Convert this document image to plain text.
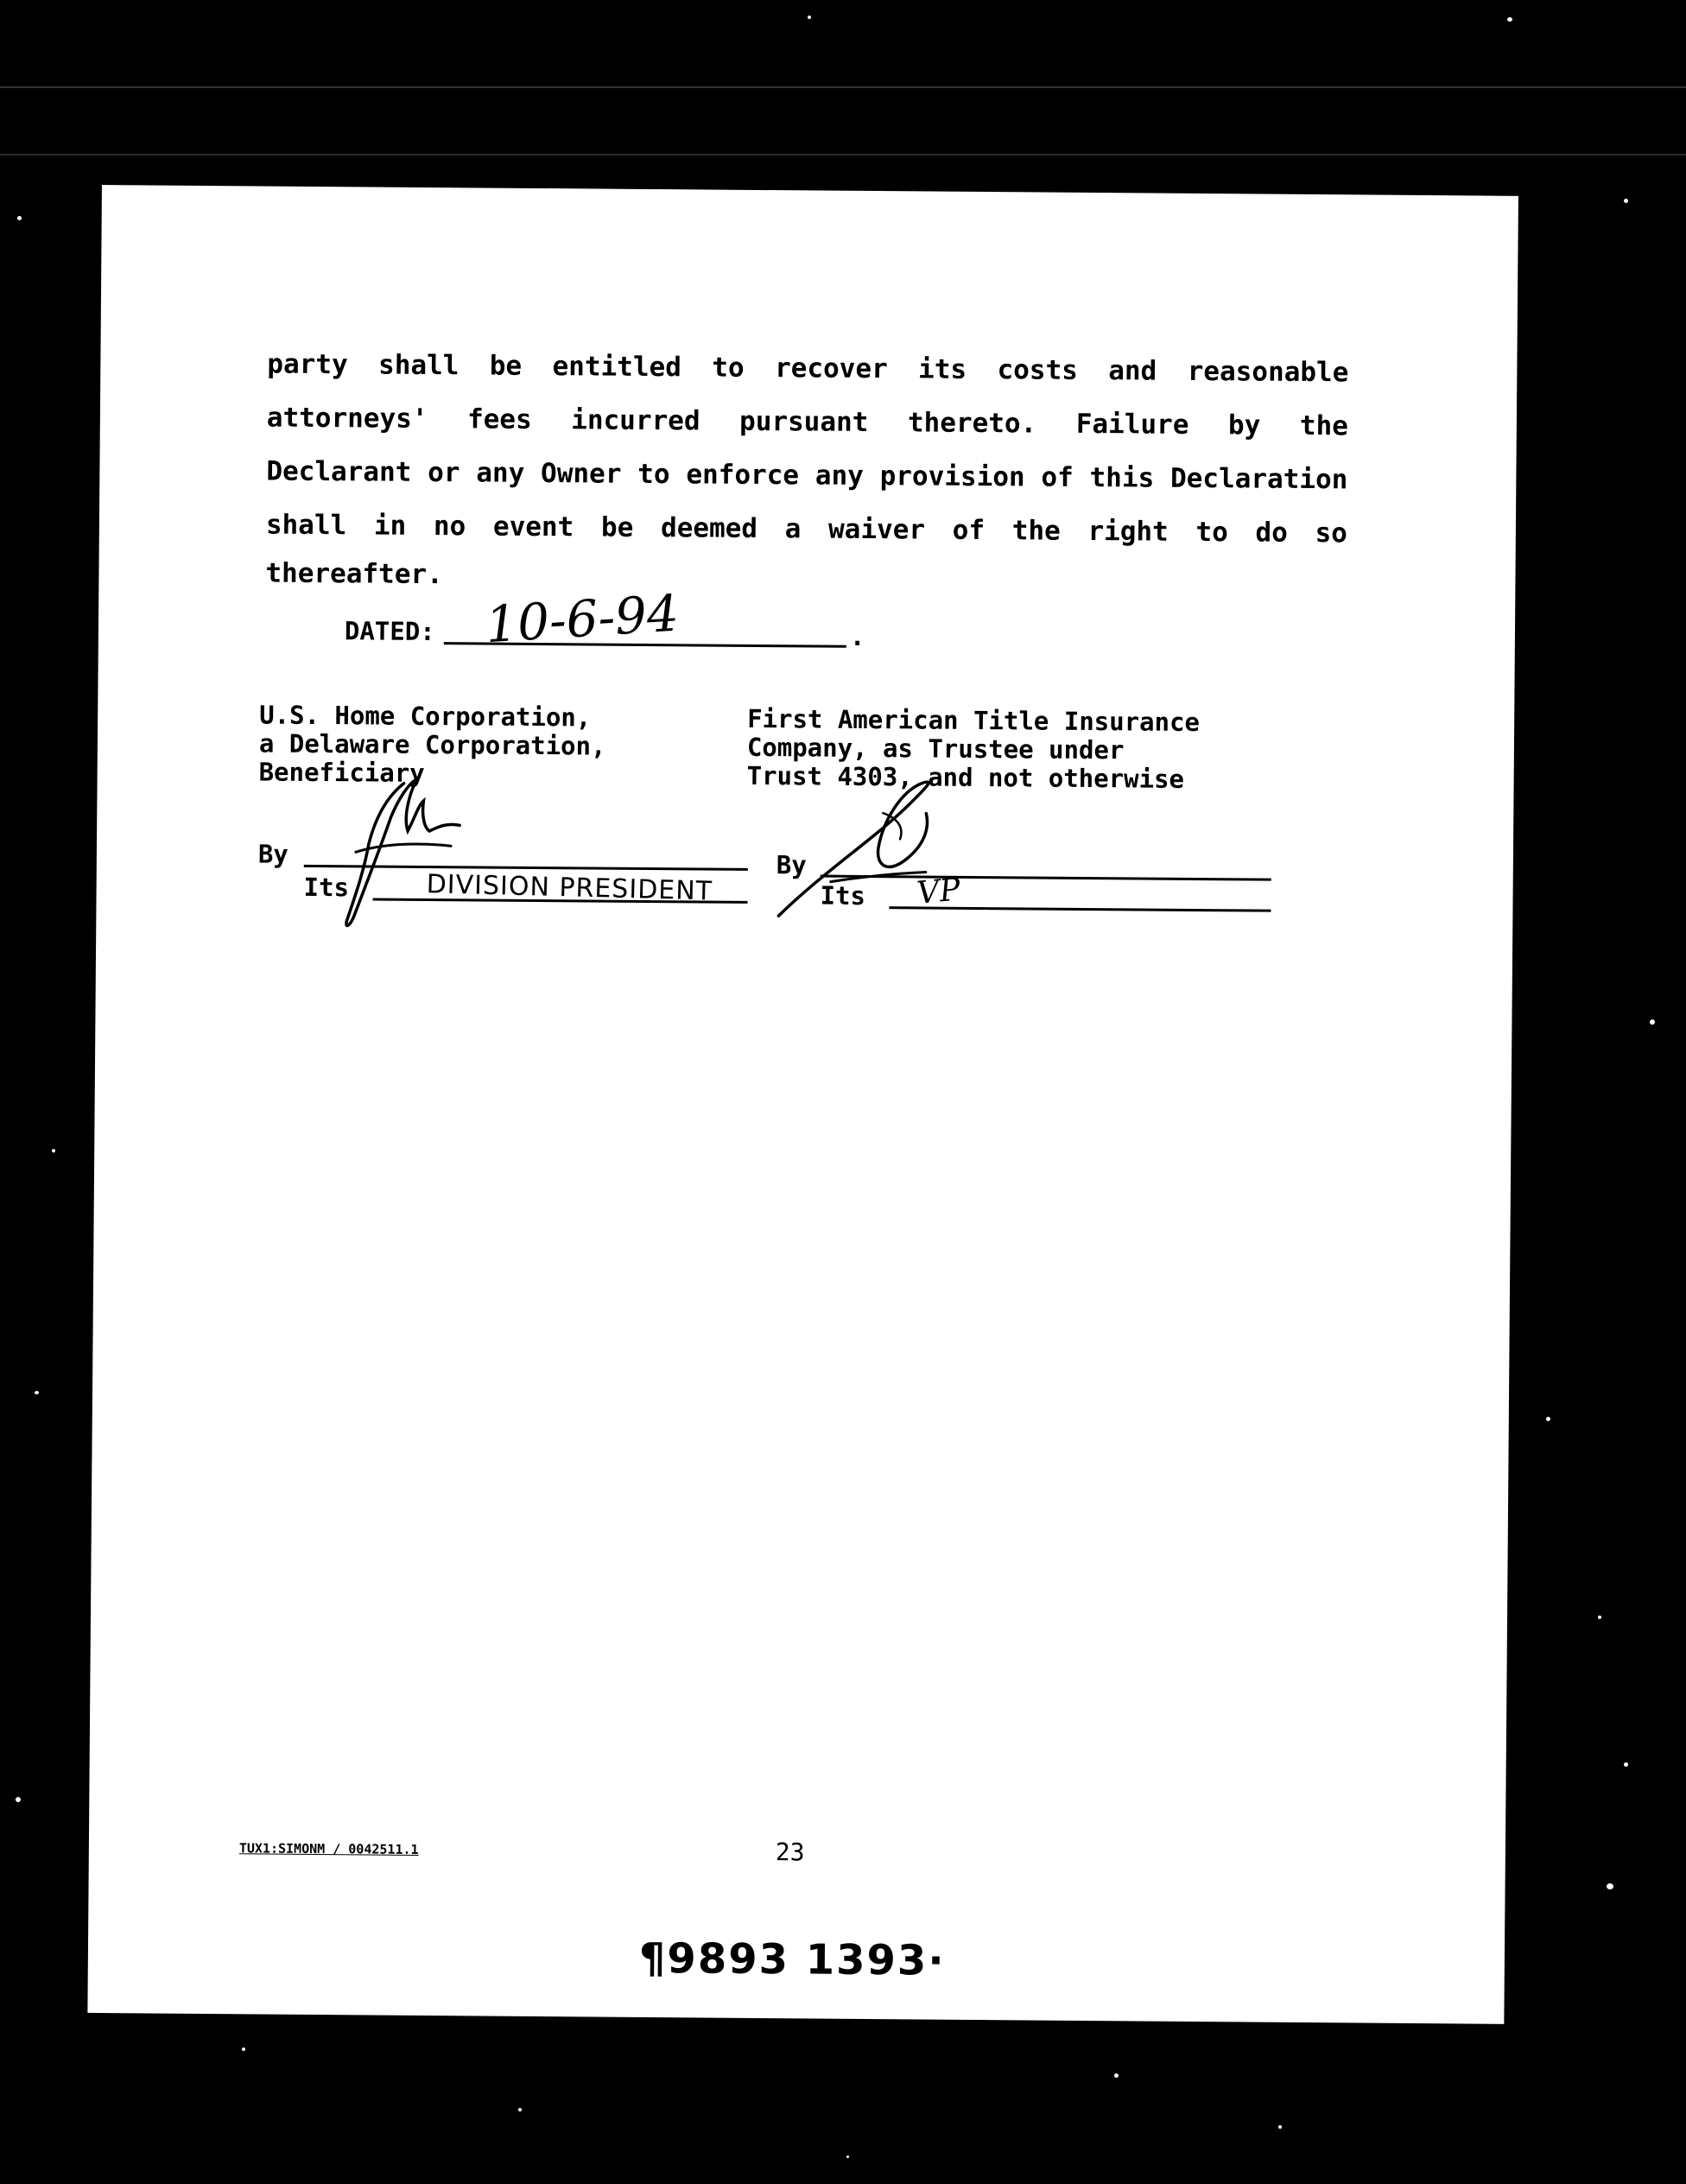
party shall be entitled to recover its costs and reasonable
attorneys' fees incurred pursuant thereto. Failure by the
Declarant or any Owner to enforce any provision of this Declaration
shall in no event be deemed a waiver of the right to do so
thereafter.
DATED: 10-6-94	.
U.S. Home Corporation,
a Delaware Corporation,
Beneficiary
By
Its	DIVISION PRESIDENT
First American Title Insurance
Company, as Trustee under
Trust 4303, and not otherwise
By
Its VP
TUX1:SIMONM / 0042511.1	23
¶9893 1393·
